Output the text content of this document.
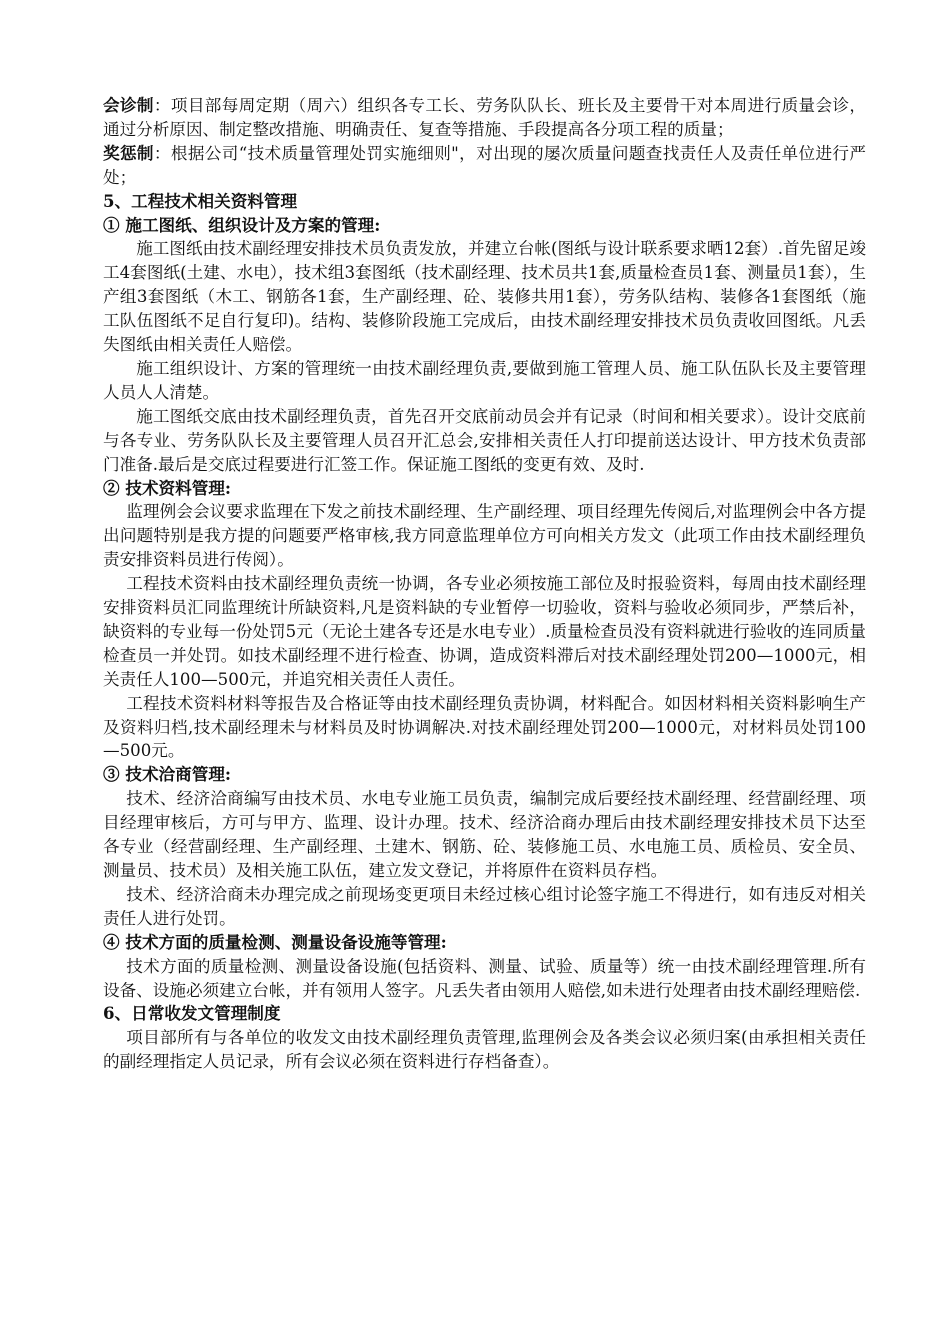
会诊制：项目部每周定期（周六）组织各专工长、劳务队队长、班长及主要骨干对本周进行质量会诊，通过分析原因、制定整改措施、明确责任、复查等措施、手段提高各分项工程的质量；

奖惩制：根据公司“技术质量管理处罚实施细则"，对出现的屡次质量问题查找责任人及责任单位进行严处；

5、工程技术相关资料管理

① 施工图纸、组织设计及方案的管理:

施工图纸由技术副经理安排技术员负责发放，并建立台帐(图纸与设计联系要求晒12套）.首先留足竣工4套图纸(土建、水电），技术组3套图纸（技术副经理、技术员共1套,质量检查员1套、测量员1套），生产组3套图纸（木工、钢筋各1套，生产副经理、砼、装修共用1套），劳务队结构、装修各1套图纸（施工队伍图纸不足自行复印)。结构、装修阶段施工完成后，由技术副经理安排技术员负责收回图纸。凡丢失图纸由相关责任人赔偿。

施工组织设计、方案的管理统一由技术副经理负责,要做到施工管理人员、施工队伍队长及主要管理人员人人清楚。

施工图纸交底由技术副经理负责，首先召开交底前动员会并有记录（时间和相关要求）。设计交底前与各专业、劳务队队长及主要管理人员召开汇总会,安排相关责任人打印提前送达设计、甲方技术负责部门准备.最后是交底过程要进行汇签工作。保证施工图纸的变更有效、及时.

② 技术资料管理:

监理例会会议要求监理在下发之前技术副经理、生产副经理、项目经理先传阅后,对监理例会中各方提出问题特别是我方提的问题要严格审核,我方同意监理单位方可向相关方发文（此项工作由技术副经理负责安排资料员进行传阅）。

工程技术资料由技术副经理负责统一协调，各专业必须按施工部位及时报验资料，每周由技术副经理安排资料员汇同监理统计所缺资料,凡是资料缺的专业暂停一切验收，资料与验收必须同步，严禁后补，缺资料的专业每一份处罚5元（无论土建各专还是水电专业）.质量检查员没有资料就进行验收的连同质量检查员一并处罚。如技术副经理不进行检查、协调，造成资料滞后对技术副经理处罚200—1000元，相关责任人100—500元，并追究相关责任人责任。

工程技术资料材料等报告及合格证等由技术副经理负责协调，材料配合。如因材料相关资料影响生产及资料归档,技术副经理未与材料员及时协调解决.对技术副经理处罚200—1000元，对材料员处罚100—500元。

③ 技术洽商管理:

技术、经济洽商编写由技术员、水电专业施工员负责，编制完成后要经技术副经理、经营副经理、项目经理审核后，方可与甲方、监理、设计办理。技术、经济洽商办理后由技术副经理安排技术员下达至各专业（经营副经理、生产副经理、土建木、钢筋、砼、装修施工员、水电施工员、质检员、安全员、测量员、技术员）及相关施工队伍，建立发文登记，并将原件在资料员存档。

技术、经济洽商未办理完成之前现场变更项目未经过核心组讨论签字施工不得进行，如有违反对相关责任人进行处罚。

④ 技术方面的质量检测、测量设备设施等管理:

技术方面的质量检测、测量设备设施(包括资料、测量、试验、质量等）统一由技术副经理管理.所有设备、设施必须建立台帐，并有领用人签字。凡丢失者由领用人赔偿,如未进行处理者由技术副经理赔偿.

6、日常收发文管理制度

项目部所有与各单位的收发文由技术副经理负责管理,监理例会及各类会议必须归案(由承担相关责任的副经理指定人员记录，所有会议必须在资料进行存档备查）。
